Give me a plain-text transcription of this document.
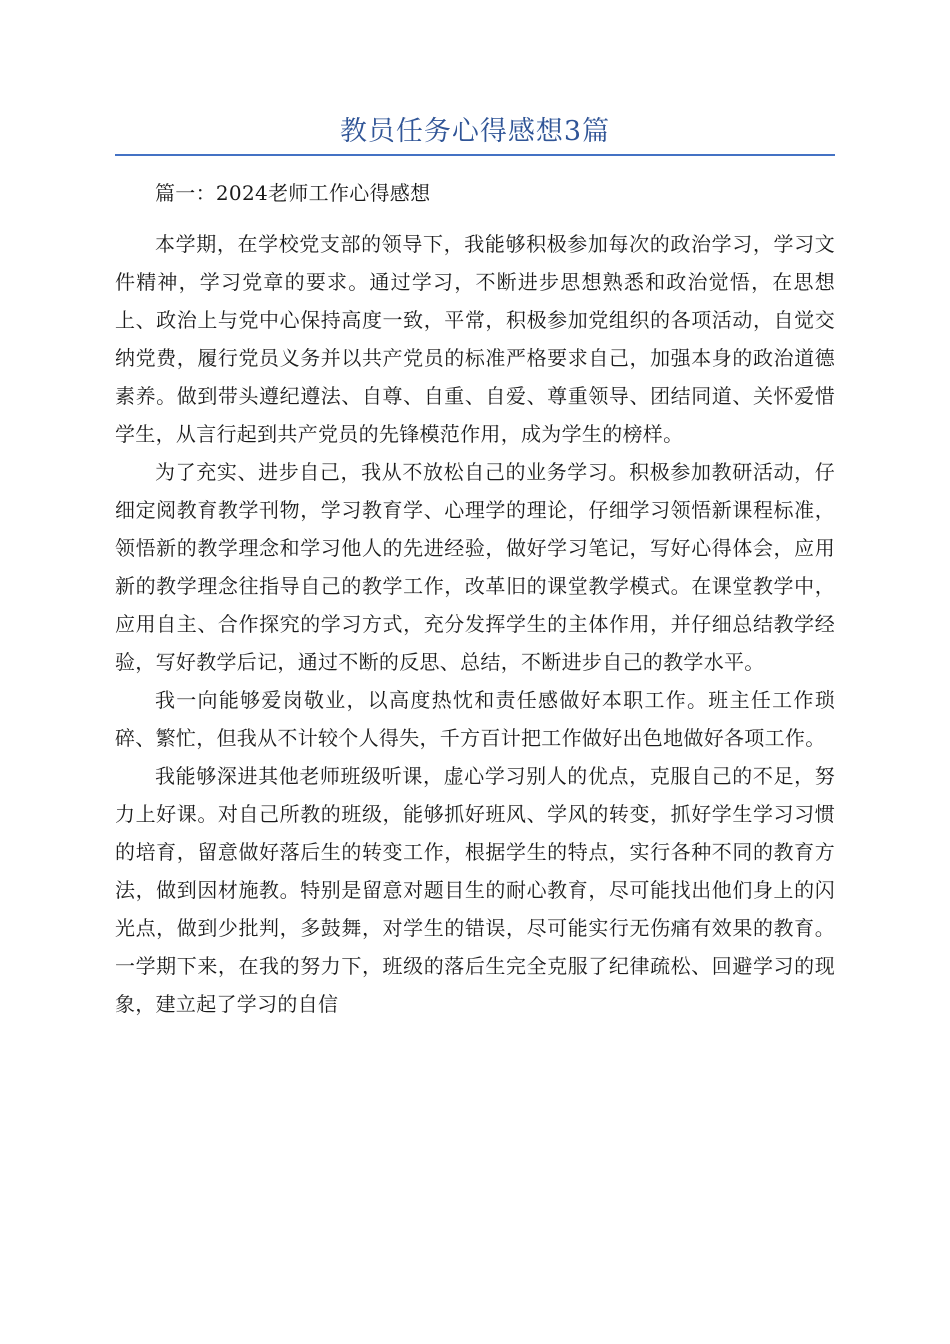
教员任务心得感想3篇

篇一：2024老师工作心得感想

本学期，在学校党支部的领导下，我能够积极参加每次的政治学习，学习文件精神，学习党章的要求。通过学习，不断进步思想熟悉和政治觉悟，在思想上、政治上与党中心保持高度一致，平常，积极参加党组织的各项活动，自觉交纳党费，履行党员义务并以共产党员的标准严格要求自己，加强本身的政治道德素养。做到带头遵纪遵法、自尊、自重、自爱、尊重领导、团结同道、关怀爱惜学生，从言行起到共产党员的先锋模范作用，成为学生的榜样。

为了充实、进步自己，我从不放松自己的业务学习。积极参加教研活动，仔细定阅教育教学刊物，学习教育学、心理学的理论，仔细学习领悟新课程标准，领悟新的教学理念和学习他人的先进经验，做好学习笔记，写好心得体会，应用新的教学理念往指导自己的教学工作，改革旧的课堂教学模式。在课堂教学中，应用自主、合作探究的学习方式，充分发挥学生的主体作用，并仔细总结教学经验，写好教学后记，通过不断的反思、总结，不断进步自己的教学水平。

我一向能够爱岗敬业，以高度热忱和责任感做好本职工作。班主任工作琐碎、繁忙，但我从不计较个人得失，千方百计把工作做好出色地做好各项工作。

我能够深进其他老师班级听课，虚心学习别人的优点，克服自己的不足，努力上好课。对自己所教的班级，能够抓好班风、学风的转变，抓好学生学习习惯的培育，留意做好落后生的转变工作，根据学生的特点，实行各种不同的教育方法，做到因材施教。特别是留意对题目生的耐心教育，尽可能找出他们身上的闪光点，做到少批判，多鼓舞，对学生的错误，尽可能实行无伤痛有效果的教育。一学期下来，在我的努力下，班级的落后生完全克服了纪律疏松、回避学习的现象，建立起了学习的自信
